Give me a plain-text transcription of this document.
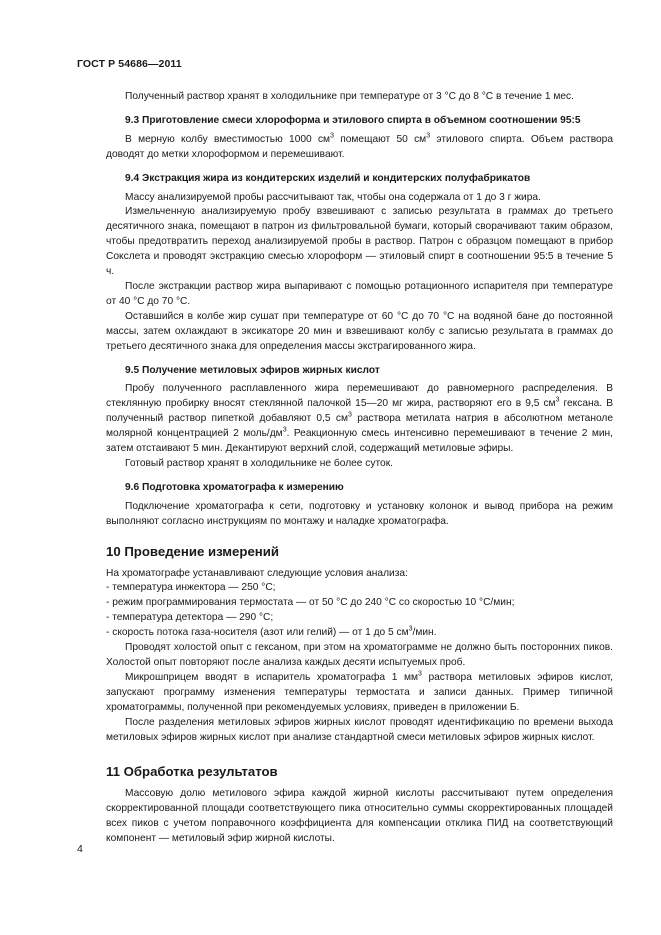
ГОСТ Р 54686—2011

Полученный раствор хранят в холодильнике при температуре от 3 °С до 8 °С в течение 1 мес.

9.3 Приготовление смеси хлороформа и этилового спирта в объемном соотношении 95:5

В мерную колбу вместимостью 1000 $см^3$ помещают 50 $см^3$ этилового спирта. Объем раствора доводят до метки хлороформом и перемешивают.

9.4 Экстракция жира из кондитерских изделий и кондитерских полуфабрикатов

Массу анализируемой пробы рассчитывают так, чтобы она содержала от 1 до 3 г жира.

Измельченную анализируемую пробу взвешивают с записью результата в граммах до третьего десятичного знака, помещают в патрон из фильтровальной бумаги, который сворачивают таким образом, чтобы предотвратить переход анализируемой пробы в раствор. Патрон с образцом помещают в прибор Сокслета и проводят экстракцию смесью хлороформ — этиловый спирт в соотношении 95:5 в течение 5 ч.

После экстракции раствор жира выпаривают с помощью ротационного испарителя при температуре от 40 °С до 70 °С.

Оставшийся в колбе жир сушат при температуре от 60 °С до 70 °С на водяной бане до постоянной массы, затем охлаждают в эксикаторе 20 мин и взвешивают колбу с записью результата в граммах до третьего десятичного знака для определения массы экстрагированного жира.

9.5 Получение метиловых эфиров жирных кислот

Пробу полученного расплавленного жира перемешивают до равномерного распределения. В стеклянную пробирку вносят стеклянной палочкой 15—20 мг жира, растворяют его в 9,5 $см^3$ гексана. В полученный раствор пипеткой добавляют 0,5 $см^3$ раствора метилата натрия в абсолютном метаноле молярной концентрацией 2 моль/$дм^3$. Реакционную смесь интенсивно перемешивают в течение 2 мин, затем отстаивают 5 мин. Декантируют верхний слой, содержащий метиловые эфиры.

Готовый раствор хранят в холодильнике не более суток.

9.6 Подготовка хроматографа к измерению

Подключение хроматографа к сети, подготовку и установку колонок и вывод прибора на режим выполняют согласно инструкциям по монтажу и наладке хроматографа.

10 Проведение измерений

На хроматографе устанавливают следующие условия анализа:

- температура инжектора — 250 °С;

- режим программирования термостата — от 50 °С до 240 °С со скоростью 10 °С/мин;

- температура детектора — 290 °С;

- скорость потока газа-носителя (азот или гелий) — от 1 до 5 $см^3$/мин.

Проводят холостой опыт с гексаном, при этом на хроматограмме не должно быть посторонних пиков. Холостой опыт повторяют после анализа каждых десяти испытуемых проб.

Микрошприцем вводят в испаритель хроматографа 1 $мм^3$ раствора метиловых эфиров кислот, запускают программу изменения температуры термостата и записи данных. Пример типичной хроматограммы, полученной при рекомендуемых условиях, приведен в приложении Б.

После разделения метиловых эфиров жирных кислот проводят идентификацию по времени выхода метиловых эфиров жирных кислот при анализе стандартной смеси метиловых эфиров жирных кислот.

11 Обработка результатов

Массовую долю метилового эфира каждой жирной кислоты рассчитывают путем определения скорректированной площади соответствующего пика относительно суммы скорректированных площадей всех пиков с учетом поправочного коэффициента для компенсации отклика ПИД на соответствующий компонент — метиловый эфир жирной кислоты.

4
